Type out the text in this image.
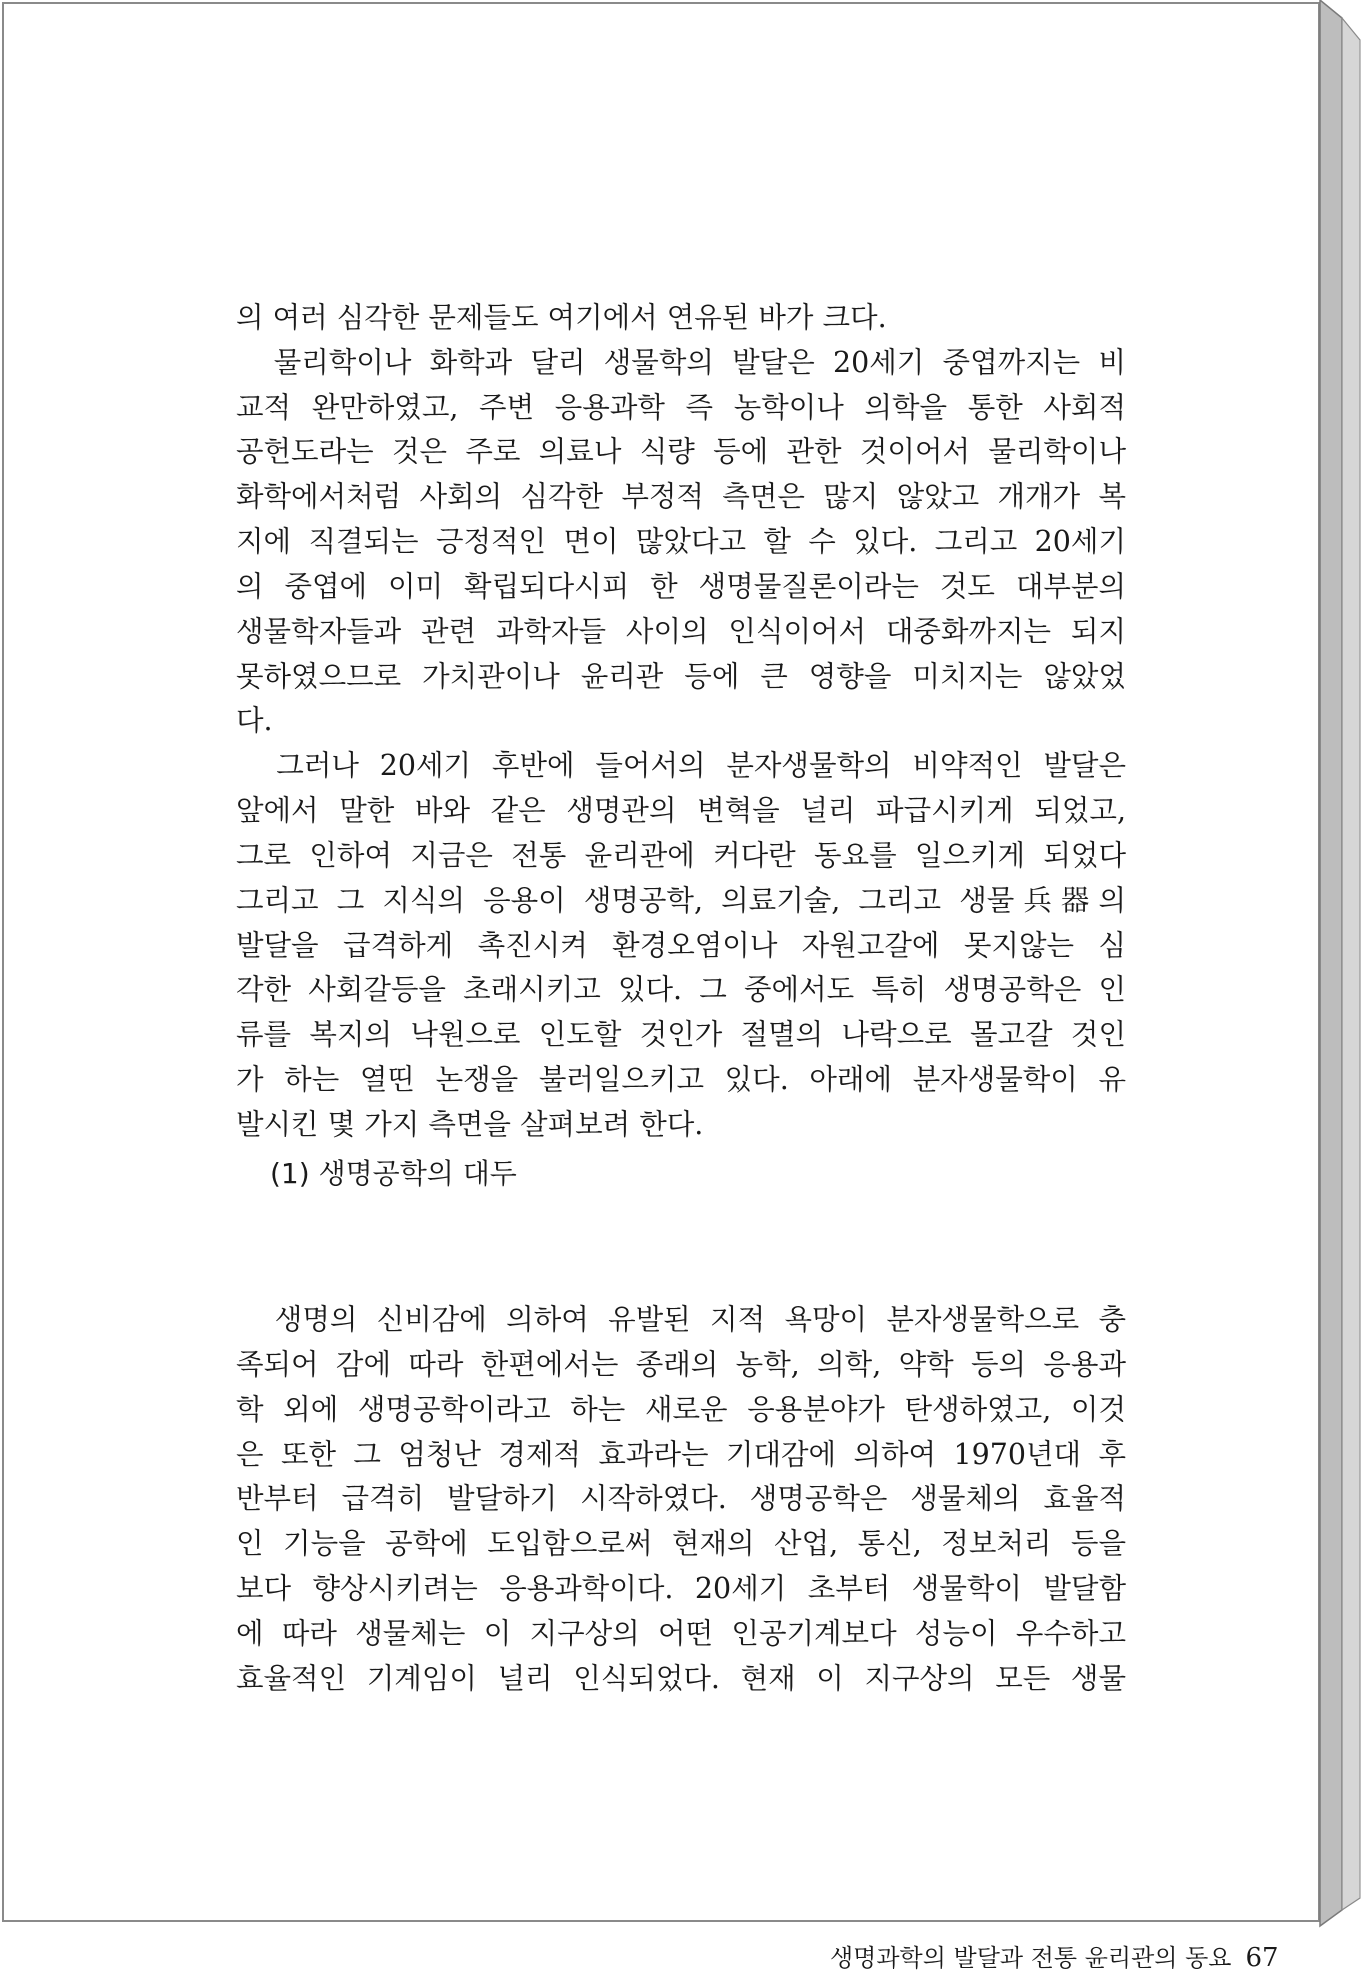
의 여러 심각한 문제들도 여기에서 연유된 바가 크다.
　물리학이나 화학과 달리 생물학의 발달은 20세기 중엽까지는 비
교적 완만하였고, 주변 응용과학 즉 농학이나 의학을 통한 사회적
공헌도라는 것은 주로 의료나 식량 등에 관한 것이어서 물리학이나
화학에서처럼 사회의 심각한 부정적 측면은 많지 않았고 개개가 복
지에 직결되는 긍정적인 면이 많았다고 할 수 있다. 그리고 20세기
의 중엽에 이미 확립되다시피 한 생명물질론이라는 것도 대부분의
생물학자들과 관련 과학자들 사이의 인식이어서 대중화까지는 되지
못하였으므로 가치관이나 윤리관 등에 큰 영향을 미치지는 않았었
다.
　그러나 20세기 후반에 들어서의 분자생물학의 비약적인 발달은
앞에서 말한 바와 같은 생명관의 변혁을 널리 파급시키게 되었고,
그로 인하여 지금은 전통 윤리관에 커다란 동요를 일으키게 되었다
그리고 그 지식의 응용이 생명공학, 의료기술, 그리고 생물兵器의
발달을 급격하게 촉진시켜 환경오염이나 자원고갈에 못지않는 심
각한 사회갈등을 초래시키고 있다. 그 중에서도 특히 생명공학은 인
류를 복지의 낙원으로 인도할 것인가 절멸의 나락으로 몰고갈 것인
가 하는 열띤 논쟁을 불러일으키고 있다. 아래에 분자생물학이 유
발시킨 몇 가지 측면을 살펴보려 한다.
　생명의 신비감에 의하여 유발된 지적 욕망이 분자생물학으로 충
족되어 감에 따라 한편에서는 종래의 농학, 의학, 약학 등의 응용과
학 외에 생명공학이라고 하는 새로운 응용분야가 탄생하였고, 이것
은 또한 그 엄청난 경제적 효과라는 기대감에 의하여 1970년대 후
반부터 급격히 발달하기 시작하였다. 생명공학은 생물체의 효율적
인 기능을 공학에 도입함으로써 현재의 산업, 통신, 정보처리 등을
보다 향상시키려는 응용과학이다. 20세기 초부터 생물학이 발달함
에 따라 생물체는 이 지구상의 어떤 인공기계보다 성능이 우수하고
효율적인 기계임이 널리 인식되었다. 현재 이 지구상의 모든 생물
(1) 생명공학의 대두
생명과학의 발달과 전통 윤리관의 동요 67
